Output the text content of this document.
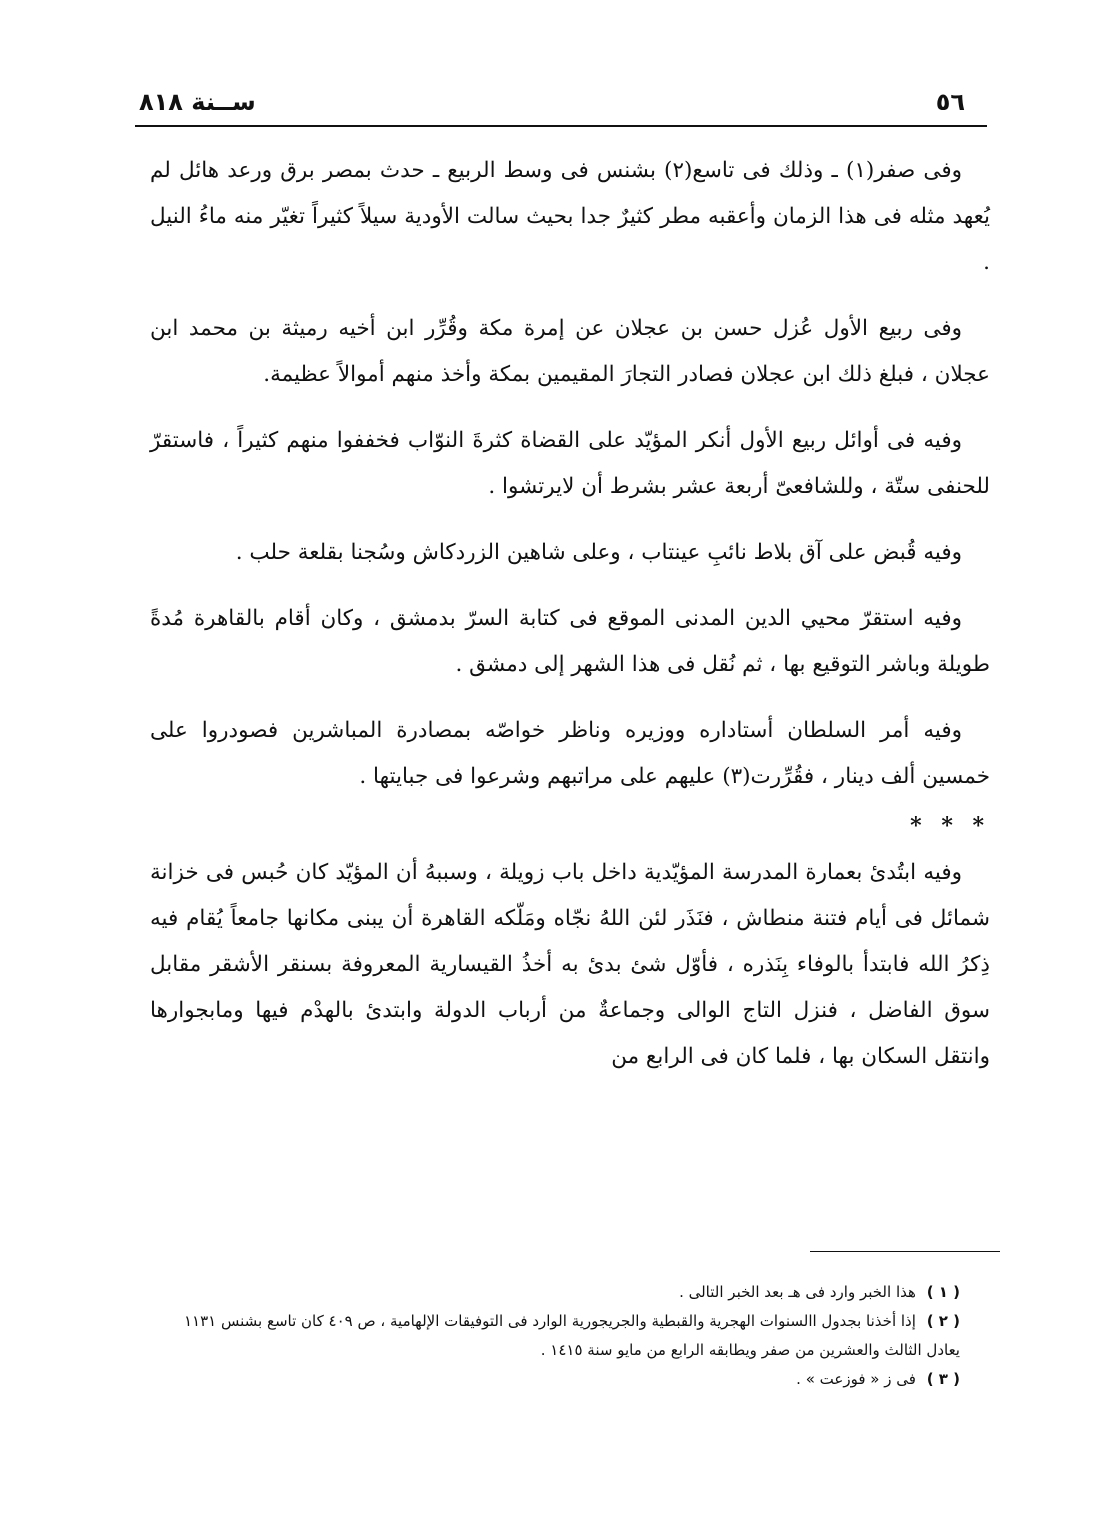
٥٦
ســنة ٨١٨

وفى صفر(١) ـ وذلك فى تاسع(٢) بشنس فى وسط الربيع ـ حدث بمصر برق ورعد هائل لم يُعهد مثله فى هذا الزمان وأعقبه مطر كثيرٌ جدا بحيث سالت الأودية سيلاً كثيراً تغيّر منه ماءُ النيل .

وفى ربيع الأول عُزل حسن بن عجلان عن إمرة مكة وقُرِّر ابن أخيه رميثة بن محمد ابن عجلان ، فبلغ ذلك ابن عجلان فصادر التجارَ المقيمين بمكة وأخذ منهم أموالاً عظيمة.

وفيه فى أوائل ربيع الأول أنكر المؤيّد على القضاة كثرةَ النوّاب فخففوا منهم كثيراً ، فاستقرّ للحنفى ستّة ، وللشافعىّ أربعة عشر بشرط أن لايرتشوا .

وفيه قُبض على آق بلاط نائبِ عينتاب ، وعلى شاهين الزردكاش وسُجنا بقلعة حلب .

وفيه استقرّ محيي الدين المدنى الموقع فى كتابة السرّ بدمشق ، وكان أقام بالقاهرة مُدةً طويلة وباشر التوقيع بها ، ثم نُقل فى هذا الشهر إلى دمشق .

وفيه أمر السلطان أستاداره ووزيره وناظر خواصّه بمصادرة المباشرين فصودروا على خمسين ألف دينار ، فقُرِّرت(٣) عليهم على مراتبهم وشرعوا فى جبايتها .

* * *

وفيه ابتُدئ بعمارة المدرسة المؤيّدية داخل باب زويلة ، وسببهُ أن المؤيّد كان حُبس فى خزانة شمائل فى أيام فتنة منطاش ، فنَذَر لئن اللهُ نجّاه ومَلّكه القاهرة أن يبنى مكانها جامعاً يُقام فيه ذِكرُ الله فابتدأ بالوفاء بِنَذره ، فأوّل شئ بدئ به أخذُ القيسارية المعروفة بسنقر الأشقر مقابل سوق الفاضل ، فنزل التاج الوالى وجماعةٌ من أرباب الدولة وابتدئ بالهدْم فيها ومابجوارها وانتقل السكان بها ، فلما كان فى الرابع من

( ١ ) هذا الخبر وارد فى هـ بعد الخبر التالى .

( ٢ ) إذا أخذنا بجدول االسنوات الهجرية والقبطية والجريجورية الوارد فى التوفيقات الإلهامية ، ص ٤٠٩ كان تاسع بشنس ١١٣١ يعادل الثالث والعشرين من صفر ويطابقه الرابع من مايو سنة ١٤١٥ .

( ٣ ) فى ز « فوزعت » .
